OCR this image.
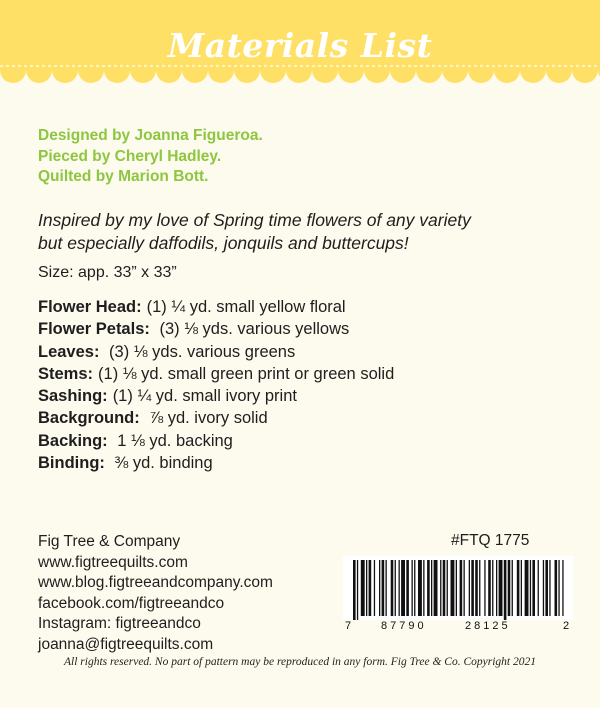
Materials List
Designed by Joanna Figueroa.
Pieced by Cheryl Hadley.
Quilted by Marion Bott.
Inspired by my love of Spring time flowers of any variety
but especially daffodils, jonquils and buttercups!
Size: app. 33” x 33”
Flower Head: (1) ¼ yd. small yellow floral
Flower Petals: (3) ⅛ yds. various yellows
Leaves: (3) ⅛ yds. various greens
Stems: (1) ⅛ yd. small green print or green solid
Sashing: (1) ¼ yd. small ivory print
Background: ⅞ yd. ivory solid
Backing: 1 ⅛ yd. backing
Binding: ⅜ yd. binding
Fig Tree & Company
www.figtreequilts.com
www.blog.figtreeandcompany.com
facebook.com/figtreeandco
Instagram: figtreeandco
joanna@figtreequilts.com
#FTQ 1775
7	87790	28125	2
All rights reserved. No part of pattern may be reproduced in any form. Fig Tree & Co. Copyright 2021
